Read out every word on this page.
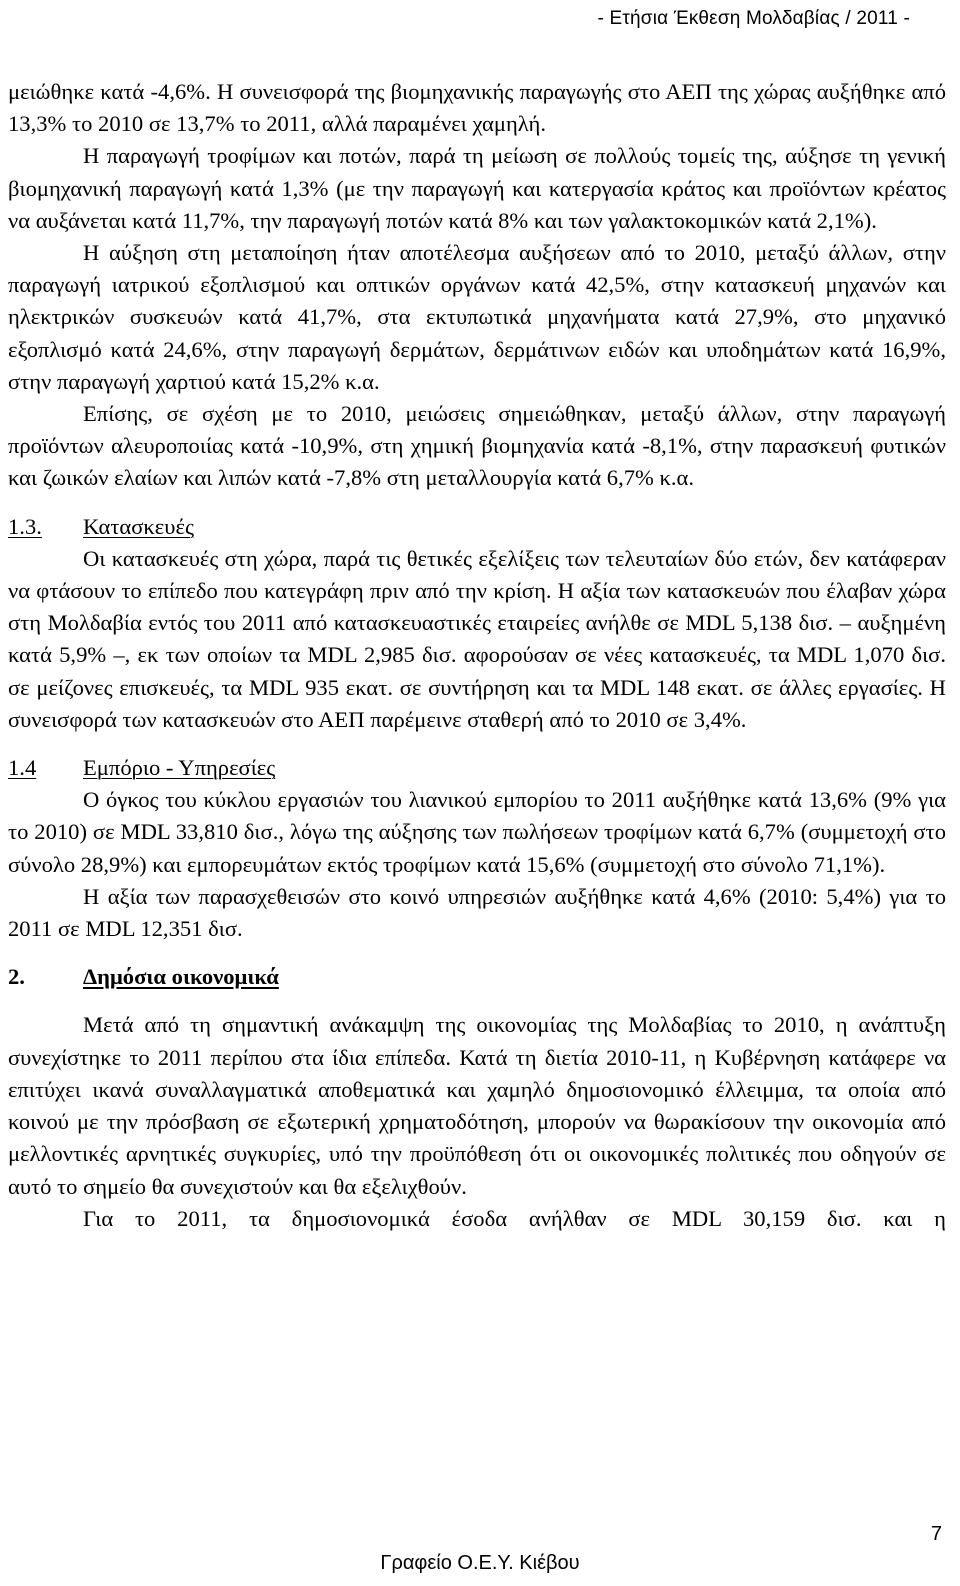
- Ετήσια Έκθεση Μολδαβίας / 2011 -

μειώθηκε κατά -4,6%. Η συνεισφορά της βιομηχανικής παραγωγής στο ΑΕΠ της χώρας αυξήθηκε από 13,3% το 2010 σε 13,7% το 2011, αλλά παραμένει χαμηλή.

Η παραγωγή τροφίμων και ποτών, παρά τη μείωση σε πολλούς τομείς της, αύξησε τη γενική βιομηχανική παραγωγή κατά 1,3% (με την παραγωγή και κατεργασία κράτος και προϊόντων κρέατος να αυξάνεται κατά 11,7%, την παραγωγή ποτών κατά 8% και των γαλακτοκομικών κατά 2,1%).

Η αύξηση στη μεταποίηση ήταν αποτέλεσμα αυξήσεων από το 2010, μεταξύ άλλων, στην παραγωγή ιατρικού εξοπλισμού και οπτικών οργάνων κατά 42,5%, στην κατασκευή μηχανών και ηλεκτρικών συσκευών κατά 41,7%, στα εκτυπωτικά μηχανήματα κατά 27,9%, στο μηχανικό εξοπλισμό κατά 24,6%, στην παραγωγή δερμάτων, δερμάτινων ειδών και υποδημάτων κατά 16,9%, στην παραγωγή χαρτιού κατά 15,2% κ.α.

Επίσης, σε σχέση με το 2010, μειώσεις σημειώθηκαν, μεταξύ άλλων, στην παραγωγή προϊόντων αλευροποιίας κατά -10,9%, στη χημική βιομηχανία κατά -8,1%, στην παρασκευή φυτικών και ζωικών ελαίων και λιπών κατά -7,8% στη μεταλλουργία κατά 6,7% κ.α.

1.3.	Κατασκευές

Οι κατασκευές στη χώρα, παρά τις θετικές εξελίξεις των τελευταίων δύο ετών, δεν κατάφεραν να φτάσουν το επίπεδο που κατεγράφη πριν από την κρίση. Η αξία των κατασκευών που έλαβαν χώρα στη Μολδαβία εντός του 2011 από κατασκευαστικές εταιρείες ανήλθε σε MDL 5,138 δισ. – αυξημένη κατά 5,9% –, εκ των οποίων τα MDL 2,985 δισ. αφορούσαν σε νέες κατασκευές, τα MDL 1,070 δισ. σε μείζονες επισκευές, τα MDL 935 εκατ. σε συντήρηση και τα MDL 148 εκατ. σε άλλες εργασίες. Η συνεισφορά των κατασκευών στο ΑΕΠ παρέμεινε σταθερή από το 2010 σε 3,4%.

1.4	Εμπόριο - Υπηρεσίες

Ο όγκος του κύκλου εργασιών του λιανικού εμπορίου το 2011 αυξήθηκε κατά 13,6% (9% για το 2010) σε MDL 33,810 δισ., λόγω της αύξησης των πωλήσεων τροφίμων κατά 6,7% (συμμετοχή στο σύνολο 28,9%) και εμπορευμάτων εκτός τροφίμων κατά 15,6% (συμμετοχή στο σύνολο 71,1%).

Η αξία των παρασχεθεισών στο κοινό υπηρεσιών αυξήθηκε κατά 4,6% (2010: 5,4%) για το 2011 σε MDL 12,351 δισ.

2.	Δημόσια οικονομικά

Μετά από τη σημαντική ανάκαμψη της οικονομίας της Μολδαβίας το 2010, η ανάπτυξη συνεχίστηκε το 2011 περίπου στα ίδια επίπεδα. Κατά τη διετία 2010-11, η Κυβέρνηση κατάφερε να επιτύχει ικανά συναλλαγματικά αποθεματικά και χαμηλό δημοσιονομικό έλλειμμα, τα οποία από κοινού με την πρόσβαση σε εξωτερική χρηματοδότηση, μπορούν να θωρακίσουν την οικονομία από μελλοντικές αρνητικές συγκυρίες, υπό την προϋπόθεση ότι οι οικονομικές πολιτικές που οδηγούν σε αυτό το σημείο θα συνεχιστούν και θα εξελιχθούν.

Για το 2011, τα δημοσιονομικά έσοδα ανήλθαν σε MDL 30,159 δισ. και η

7
Γραφείο Ο.Ε.Υ. Κιέβου
